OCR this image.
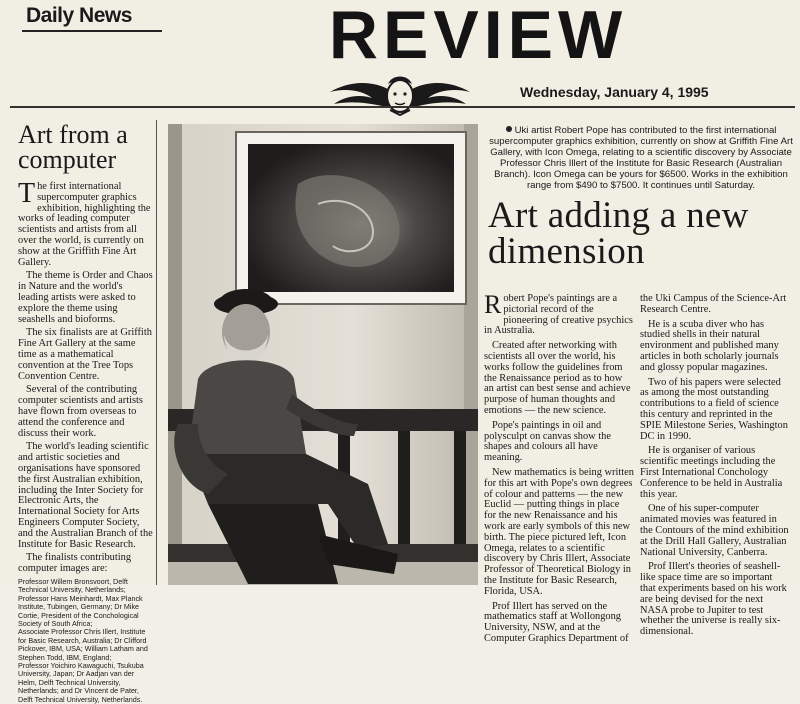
Daily News	REVIEW
Wednesday, January 4, 1995
Art from a computer

The first international supercomputer graphics exhibition, highlighting the works of leading computer scientists and artists from all over the world, is currently on show at the Griffith Fine Art Gallery.

The theme is Order and Chaos in Nature and the world's leading artists were asked to explore the theme using seashells and bioforms.

The six finalists are at Griffith Fine Art Gallery at the same time as a mathematical convention at the Tree Tops Convention Centre.

Several of the contributing computer scientists and artists have flown from overseas to attend the conference and discuss their work.

The world's leading scientific and artistic societies and organisations have sponsored the first Australian exhibition, including the Inter Society for Electronic Arts, the International Society for Arts Engineers Computer Society, and the Australian Branch of the Institute for Basic Research.

The finalists contributing computer images are:

Professor Willem Bronsvoort, Delft Technical University, Netherlands; Professor Hans Meinhardt, Max Planck Institute, Tubingen, Germany; Dr Mike Cortie, President of the Conchological Society of South Africa;

Associate Professor Chris Illert, Institute for Basic Research, Australia; Dr Clifford Pickover, IBM, USA; William Latham and Stephen Todd, IBM, England;

Professor Yoichiro Kawaguchi, Tsukuba University, Japan; Dr Aadjan van der Helm, Delft Technical University, Netherlands; and Dr Vincent de Pater, Delft Technical University, Netherlands.

Uki artist Robert Pope has contributed to the first international supercomputer graphics exhibition, currently on show at Griffith Fine Art Gallery, with Icon Omega, relating to a scientific discovery by Associate Professor Chris Illert of the Institute for Basic Research (Australian Branch). Icon Omega can be yours for $6500. Works in the exhibition range from $490 to $7500. It continues until Saturday.
Art adding a new dimension

Robert Pope's paintings are a pictorial record of the pioneering of creative psychics in Australia.

Created after networking with scientists all over the world, his works follow the guidelines from the Renaissance period as to how an artist can best sense and achieve purpose of human thoughts and emotions — the new science.

Pope's paintings in oil and polysculpt on canvas show the shapes and colours all have meaning.

New mathematics is being written for this art with Pope's own degrees of colour and patterns — the new Euclid — putting things in place for the new Renaissance and his work are early symbols of this new birth. The piece pictured left, Icon Omega, relates to a scientific discovery by Chris Illert, Associate Professor of Theoretical Biology in the Institute for Basic Research, Florida, USA.

Prof Illert has served on the mathematics staff at Wollongong University, NSW, and at the Computer Graphics Department of

the Uki Campus of the Science-Art Research Centre.

He is a scuba diver who has studied shells in their natural environment and published many articles in both scholarly journals and glossy popular magazines.

Two of his papers were selected as among the most outstanding contributions to a field of science this century and reprinted in the SPIE Milestone Series, Washington DC in 1990.

He is organiser of various scientific meetings including the First International Conchology Conference to be held in Australia this year.

One of his super-computer animated movies was featured in the Contours of the mind exhibition at the Drill Hall Gallery, Australian National University, Canberra.

Prof Illert's theories of seashell-like space time are so important that experiments based on his work are being devised for the next NASA probe to Jupiter to test whether the universe is really six-dimensional.
